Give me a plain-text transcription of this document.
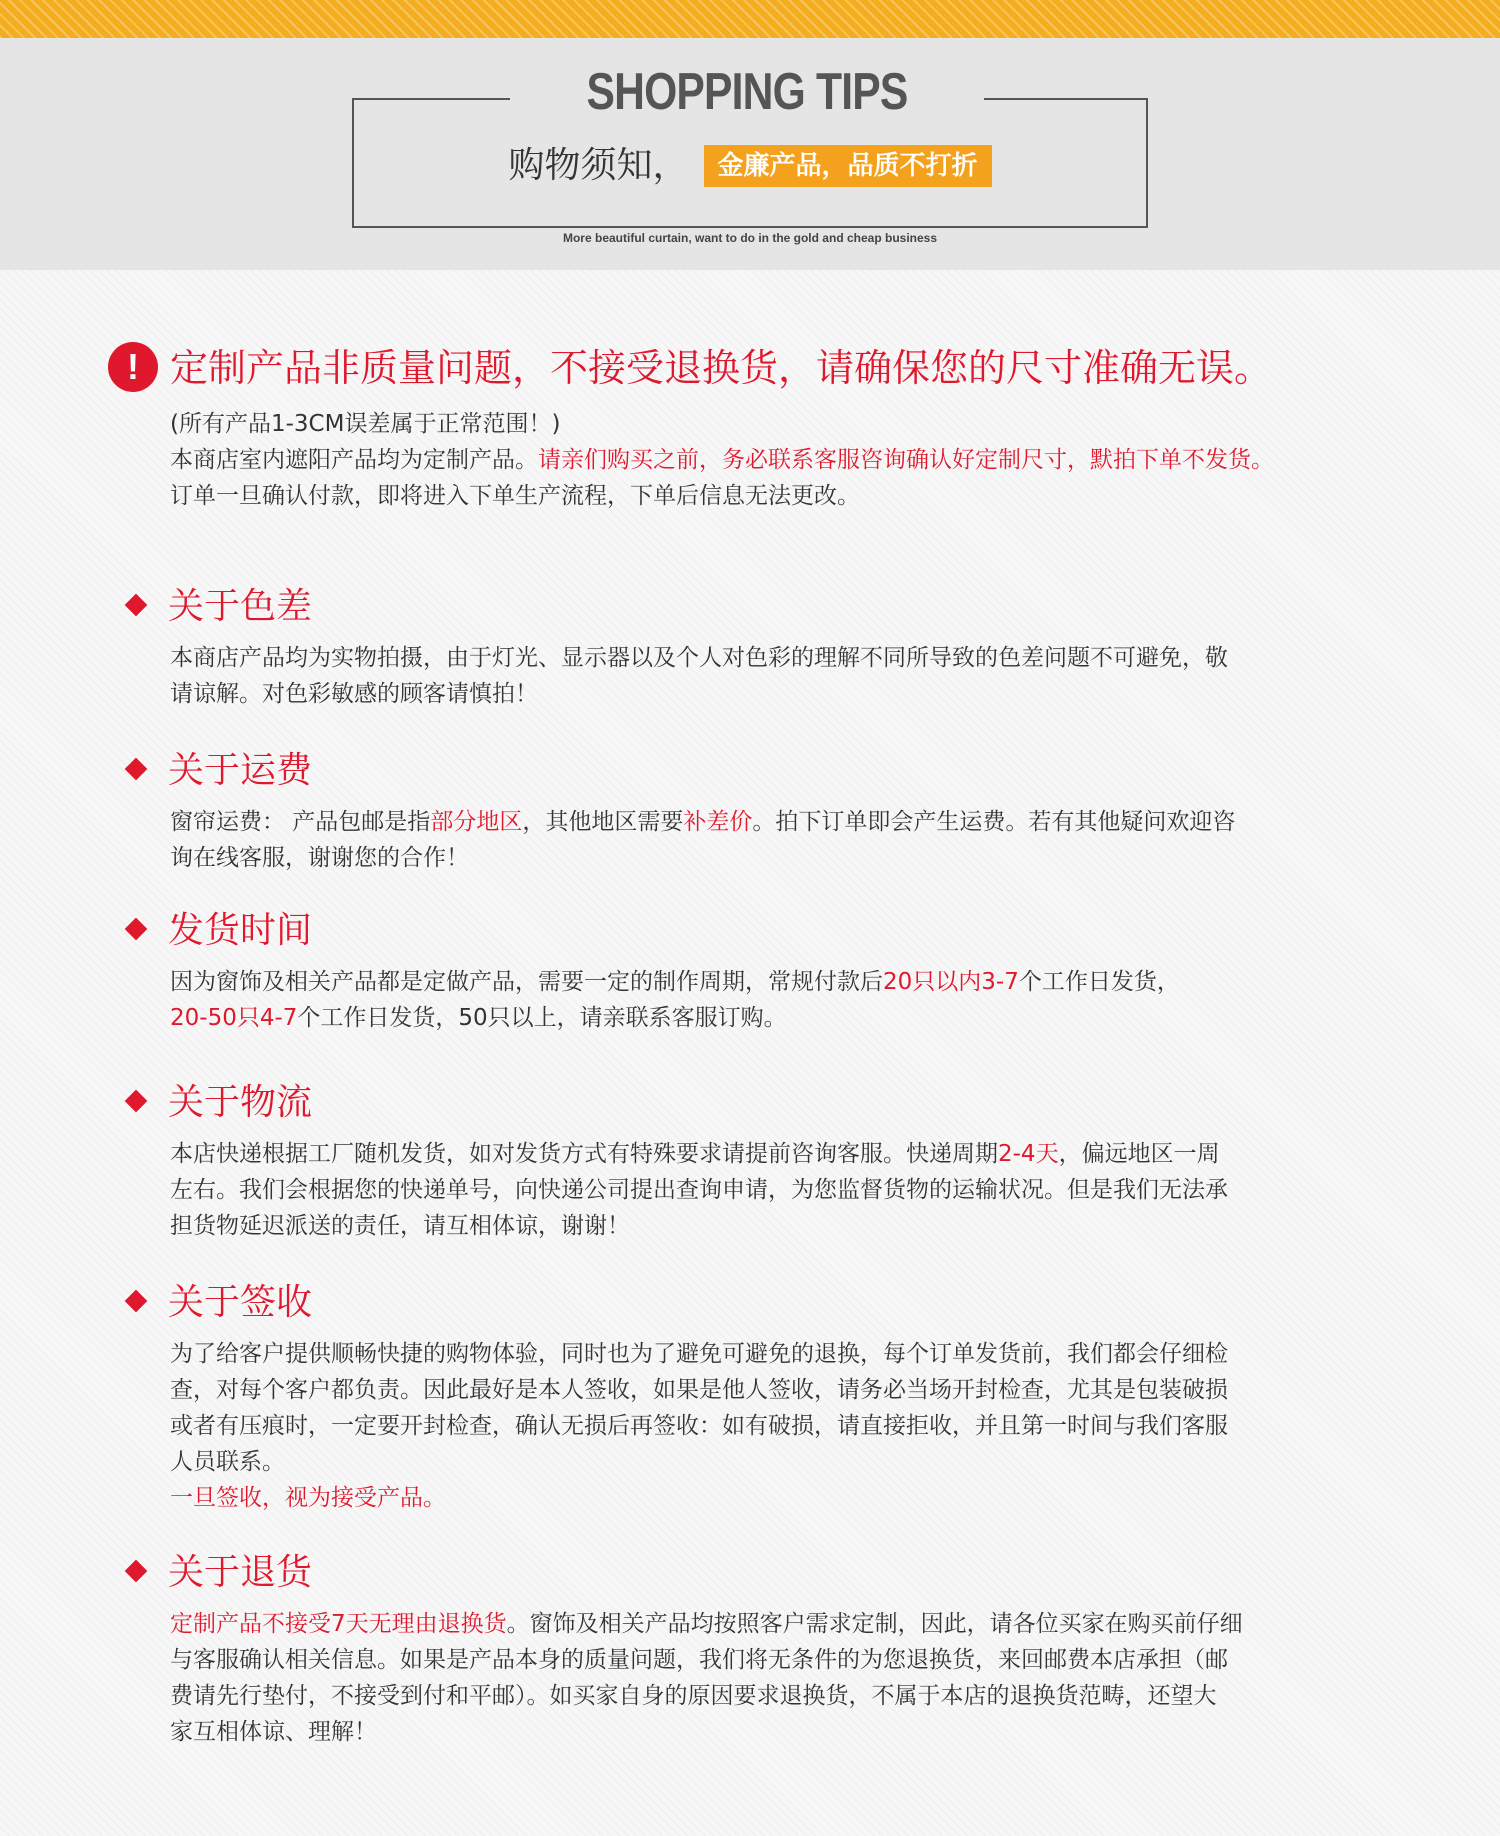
SHOPPING TIPS
购物须知， 金廉产品，品质不打折
More beautiful curtain, want to do in the gold and cheap business
! 定制产品非质量问题，不接受退换货，请确保您的尺寸准确无误。
(所有产品1-3CM误差属于正常范围！)
本商店室内遮阳产品均为定制产品。请亲们购买之前，务必联系客服咨询确认好定制尺寸，默拍下单不发货。
订单一旦确认付款，即将进入下单生产流程，下单后信息无法更改。
关于色差
本商店产品均为实物拍摄，由于灯光、显示器以及个人对色彩的理解不同所导致的色差问题不可避免，敬
请谅解。对色彩敏感的顾客请慎拍！
关于运费
窗帘运费： 产品包邮是指部分地区，其他地区需要补差价。拍下订单即会产生运费。若有其他疑问欢迎咨
询在线客服，谢谢您的合作！
发货时间
因为窗饰及相关产品都是定做产品，需要一定的制作周期，常规付款后20只以内3-7个工作日发货，
20-50只4-7个工作日发货，50只以上，请亲联系客服订购。
关于物流
本店快递根据工厂随机发货，如对发货方式有特殊要求请提前咨询客服。快递周期2-4天，偏远地区一周
左右。我们会根据您的快递单号，向快递公司提出查询申请，为您监督货物的运输状况。但是我们无法承
担货物延迟派送的责任，请互相体谅，谢谢！
关于签收
为了给客户提供顺畅快捷的购物体验，同时也为了避免可避免的退换，每个订单发货前，我们都会仔细检
查，对每个客户都负责。因此最好是本人签收，如果是他人签收，请务必当场开封检查，尤其是包装破损
或者有压痕时，一定要开封检查，确认无损后再签收：如有破损，请直接拒收，并且第一时间与我们客服
人员联系。
一旦签收，视为接受产品。
关于退货
定制产品不接受7天无理由退换货。窗饰及相关产品均按照客户需求定制，因此，请各位买家在购买前仔细
与客服确认相关信息。如果是产品本身的质量问题，我们将无条件的为您退换货，来回邮费本店承担（邮
费请先行垫付，不接受到付和平邮）。如买家自身的原因要求退换货，不属于本店的退换货范畴，还望大
家互相体谅、理解！
